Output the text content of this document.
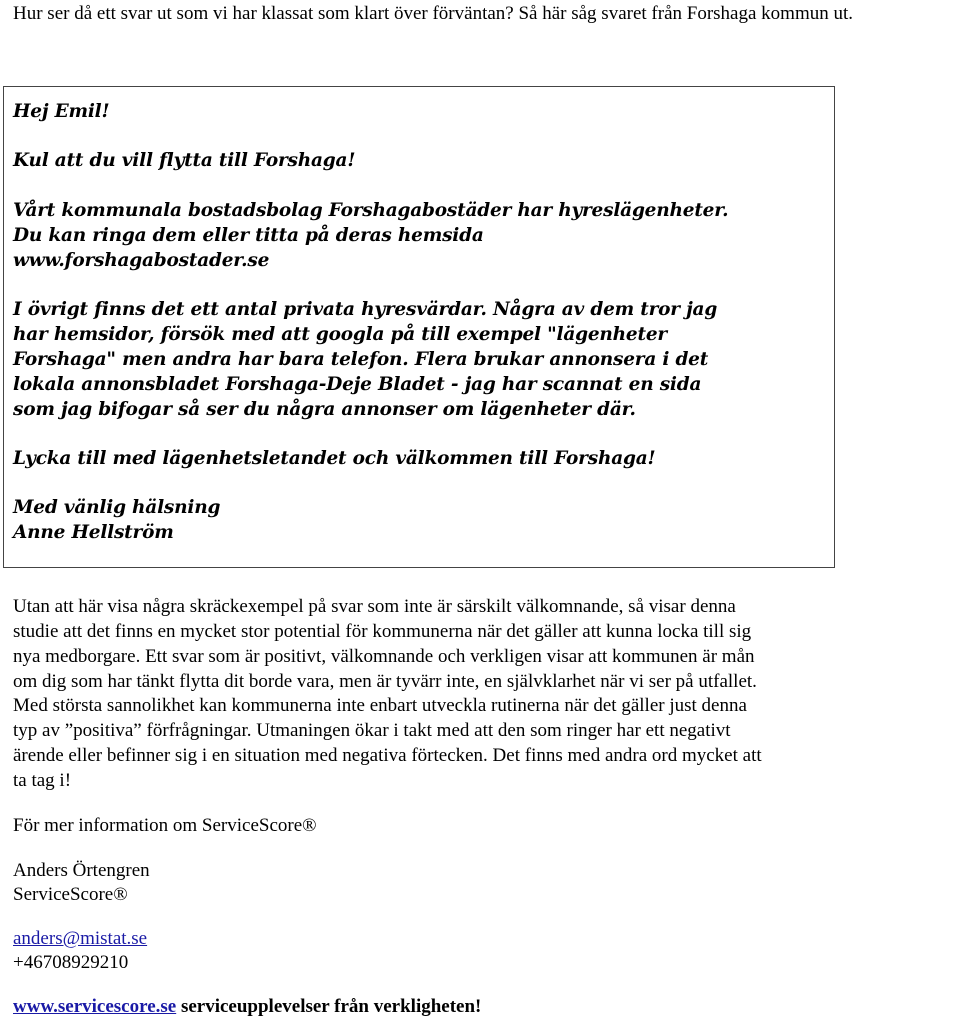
Hur ser då ett svar ut som vi har klassat som klart över förväntan? Så här såg svaret från Forshaga kommun ut.

Hej Emil!

Kul att du vill flytta till Forshaga!

Vårt kommunala bostadsbolag Forshagabostäder har hyreslägenheter.

Du kan ringa dem eller titta på deras hemsida

www.forshagabostader.se

I övrigt finns det ett antal privata hyresvärdar. Några av dem tror jag

har hemsidor, försök med att googla på till exempel "lägenheter

Forshaga" men andra har bara telefon. Flera brukar annonsera i det

lokala annonsbladet Forshaga-Deje Bladet - jag har scannat en sida

som jag bifogar så ser du några annonser om lägenheter där.

Lycka till med lägenhetsletandet och välkommen till Forshaga!

Med vänlig hälsning

Anne Hellström

Utan att här visa några skräckexempel på svar som inte är särskilt välkomnande, så visar denna

studie att det finns en mycket stor potential för kommunerna när det gäller att kunna locka till sig

nya medborgare. Ett svar som är positivt, välkomnande och verkligen visar att kommunen är mån

om dig som har tänkt flytta dit borde vara, men är tyvärr inte, en självklarhet när vi ser på utfallet.

Med största sannolikhet kan kommunerna inte enbart utveckla rutinerna när det gäller just denna

typ av ”positiva” förfrågningar. Utmaningen ökar i takt med att den som ringer har ett negativt

ärende eller befinner sig i en situation med negativa förtecken. Det finns med andra ord mycket att

ta tag i!

För mer information om ServiceScore®

Anders Örtengren

ServiceScore®

anders@mistat.se

+46708929210

www.servicescore.se serviceupplevelser från verkligheten!
